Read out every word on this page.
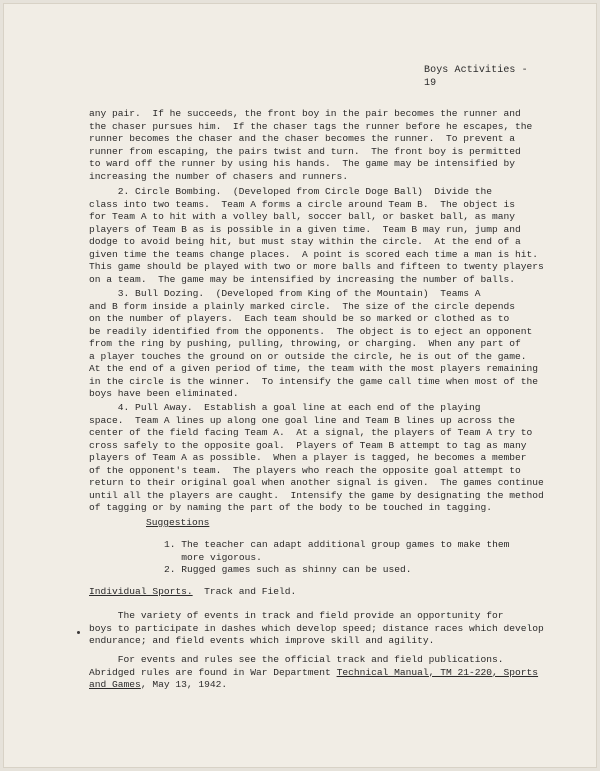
Boys Activities - 19
any pair.  If he succeeds, the front boy in the pair becomes the runner and
the chaser pursues him.  If the chaser tags the runner before he escapes, the
runner becomes the chaser and the chaser becomes the runner.  To prevent a
runner from escaping, the pairs twist and turn.  The front boy is permitted
to ward off the runner by using his hands.  The game may be intensified by
increasing the number of chasers and runners.
2. Circle Bombing.  (Developed from Circle Doge Ball)  Divide the
class into two teams.  Team A forms a circle around Team B.  The object is
for Team A to hit with a volley ball, soccer ball, or basket ball, as many
players of Team B as is possible in a given time.  Team B may run, jump and
dodge to avoid being hit, but must stay within the circle.  At the end of a
given time the teams change places.  A point is scored each time a man is hit.
This game should be played with two or more balls and fifteen to twenty players
on a team.  The game may be intensified by increasing the number of balls.
3. Bull Dozing.  (Developed from King of the Mountain)  Teams A
and B form inside a plainly marked circle.  The size of the circle depends
on the number of players.  Each team should be so marked or clothed as to
be readily identified from the opponents.  The object is to eject an opponent
from the ring by pushing, pulling, throwing, or charging.  When any part of
a player touches the ground on or outside the circle, he is out of the game.
At the end of a given period of time, the team with the most players remaining
in the circle is the winner.  To intensify the game call time when most of the
boys have been eliminated.
4. Pull Away.  Establish a goal line at each end of the playing
space.  Team A lines up along one goal line and Team B lines up across the
center of the field facing Team A.  At a signal, the players of Team A try to
cross safely to the opposite goal.  Players of Team B attempt to tag as many
players of Team A as possible.  When a player is tagged, he becomes a member
of the opponent's team.  The players who reach the opposite goal attempt to
return to their original goal when another signal is given.  The games continue
until all the players are caught.  Intensify the game by designating the method
of tagging or by naming the part of the body to be touched in tagging.
Suggestions
1. The teacher can adapt additional group games to make them
more vigorous.
2. Rugged games such as shinny can be used.
Individual Sports.  Track and Field.
The variety of events in track and field provide an opportunity for
boys to participate in dashes which develop speed; distance races which develop
endurance; and field events which improve skill and agility.
For events and rules see the official track and field publications.
Abridged rules are found in War Department Technical Manual, TM 21-220, Sports
and Games, May 13, 1942.
